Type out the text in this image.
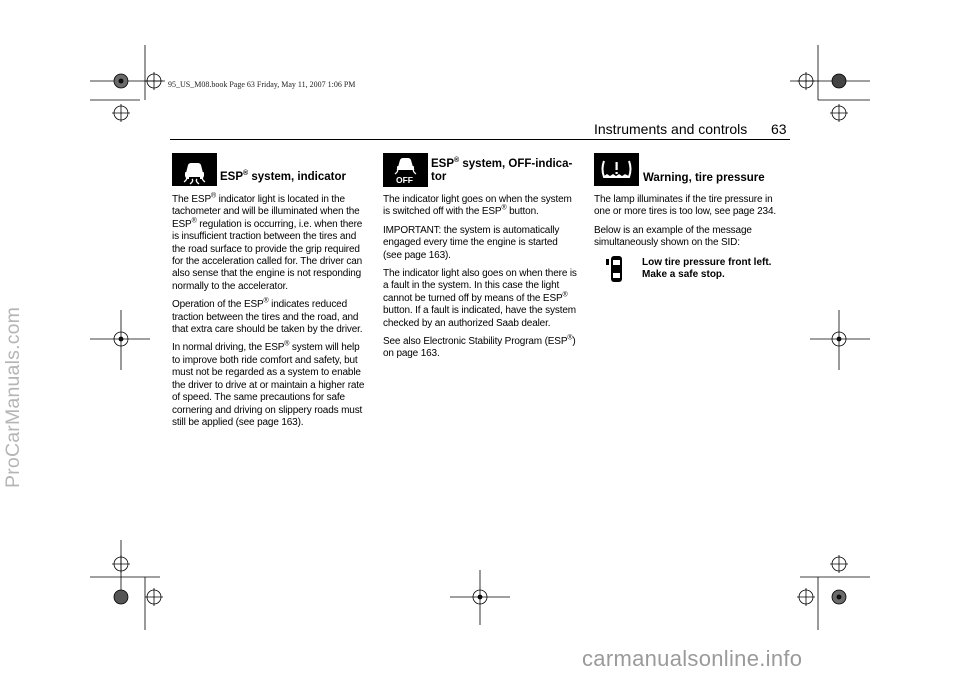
95_US_M08.book Page 63 Friday, May 11, 2007 1:06 PM
ProCarManuals.com
Instruments and controls 63
ESP® system, indicator

The ESP® indicator light is located in the tachometer and will be illuminated when the ESP® regulation is occurring, i.e. when there is insufficient traction between the tires and the road surface to provide the grip required for the acceleration called for. The driver can also sense that the engine is not responding normally to the accelerator.

Operation of the ESP® indicates reduced traction between the tires and the road, and that extra care should be taken by the driver.

In normal driving, the ESP® system will help to improve both ride comfort and safety, but must not be regarded as a system to enable the driver to drive at or maintain a higher rate of speed. The same precautions for safe cornering and driving on slippery roads must still be applied (see page 163).

OFF
ESP® system, OFF-indica-
tor

The indicator light goes on when the system is switched off with the ESP® button.

IMPORTANT: the system is automatically engaged every time the engine is started (see page 163).

The indicator light also goes on when there is a fault in the system. In this case the light cannot be turned off by means of the ESP® button. If a fault is indicated, have the system checked by an authorized Saab dealer.

See also Electronic Stability Program (ESP®) on page 163.

Warning, tire pressure

The lamp illuminates if the tire pressure in one or more tires is too low, see page 234.

Below is an example of the message simultaneously shown on the SID:

Low tire pressure front left. Make a safe stop.
carmanualsonline.info
